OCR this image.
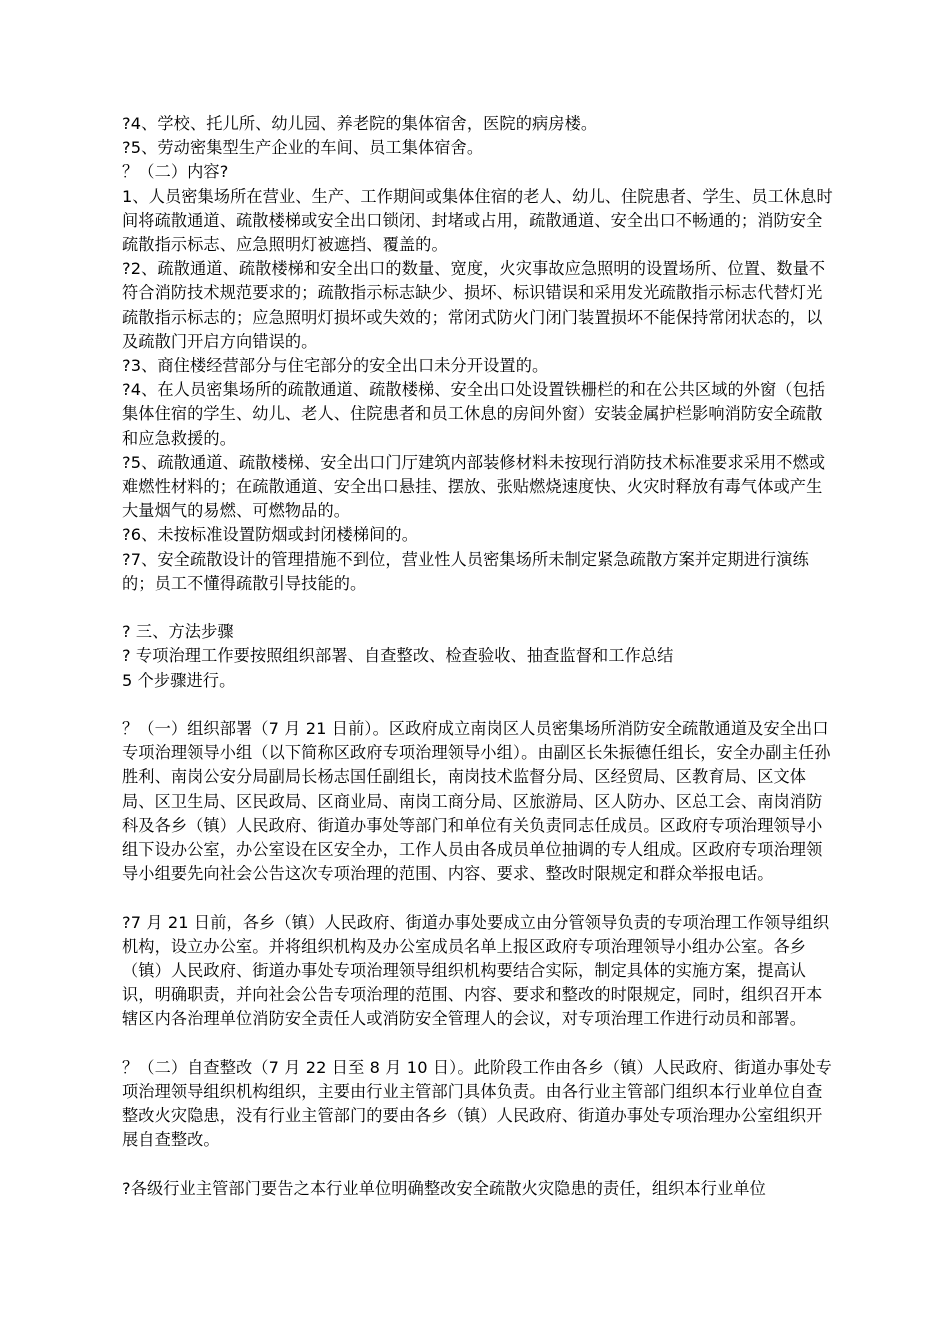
?4、学校、托儿所、幼儿园、养老院的集体宿舍，医院的病房楼。

?5、劳动密集型生产企业的车间、员工集体宿舍。

？（二）内容?

1、人员密集场所在营业、生产、工作期间或集体住宿的老人、幼儿、住院患者、学生、员工休息时间将疏散通道、疏散楼梯或安全出口锁闭、封堵或占用，疏散通道、安全出口不畅通的；消防安全疏散指示标志、应急照明灯被遮挡、覆盖的。

?2、疏散通道、疏散楼梯和安全出口的数量、宽度，火灾事故应急照明的设置场所、位置、数量不符合消防技术规范要求的；疏散指示标志缺少、损坏、标识错误和采用发光疏散指示标志代替灯光疏散指示标志的；应急照明灯损坏或失效的；常闭式防火门闭门装置损坏不能保持常闭状态的，以及疏散门开启方向错误的。

?3、商住楼经营部分与住宅部分的安全出口未分开设置的。

?4、在人员密集场所的疏散通道、疏散楼梯、安全出口处设置铁栅栏的和在公共区域的外窗（包括集体住宿的学生、幼儿、老人、住院患者和员工休息的房间外窗）安装金属护栏影响消防安全疏散和应急救援的。

?5、疏散通道、疏散楼梯、安全出口门厅建筑内部装修材料未按现行消防技术标准要求采用不燃或难燃性材料的；在疏散通道、安全出口悬挂、摆放、张贴燃烧速度快、火灾时释放有毒气体或产生大量烟气的易燃、可燃物品的。

?6、未按标准设置防烟或封闭楼梯间的。

?7、安全疏散设计的管理措施不到位，营业性人员密集场所未制定紧急疏散方案并定期进行演练的；员工不懂得疏散引导技能的。

? 三、方法步骤

? 专项治理工作要按照组织部署、自查整改、检查验收、抽查监督和工作总结

5 个步骤进行。

？（一）组织部署（7 月 21 日前）。区政府成立南岗区人员密集场所消防安全疏散通道及安全出口专项治理领导小组（以下简称区政府专项治理领导小组）。由副区长朱振德任组长，安全办副主任孙胜利、南岗公安分局副局长杨志国任副组长，南岗技术监督分局、区经贸局、区教育局、区文体局、区卫生局、区民政局、区商业局、南岗工商分局、区旅游局、区人防办、区总工会、南岗消防科及各乡（镇）人民政府、街道办事处等部门和单位有关负责同志任成员。区政府专项治理领导小组下设办公室，办公室设在区安全办，工作人员由各成员单位抽调的专人组成。区政府专项治理领导小组要先向社会公告这次专项治理的范围、内容、要求、整改时限规定和群众举报电话。

?7 月 21 日前，各乡（镇）人民政府、街道办事处要成立由分管领导负责的专项治理工作领导组织机构，设立办公室。并将组织机构及办公室成员名单上报区政府专项治理领导小组办公室。各乡（镇）人民政府、街道办事处专项治理领导组织机构要结合实际，制定具体的实施方案，提高认识，明确职责，并向社会公告专项治理的范围、内容、要求和整改的时限规定，同时，组织召开本辖区内各治理单位消防安全责任人或消防安全管理人的会议，对专项治理工作进行动员和部署。

？（二）自查整改（7 月 22 日至 8 月 10 日）。此阶段工作由各乡（镇）人民政府、街道办事处专项治理领导组织机构组织，主要由行业主管部门具体负责。由各行业主管部门组织本行业单位自查整改火灾隐患，没有行业主管部门的要由各乡（镇）人民政府、街道办事处专项治理办公室组织开展自查整改。

?各级行业主管部门要告之本行业单位明确整改安全疏散火灾隐患的责任，组织本行业单位
